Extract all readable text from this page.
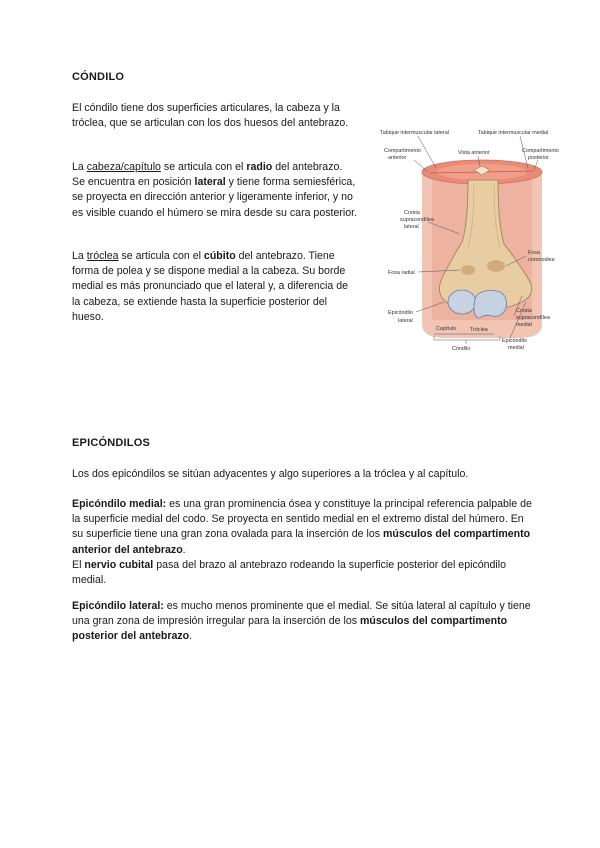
CÓNDILO

El cóndilo tiene dos superficies articulares, la cabeza y la tróclea, que se articulan con los dos huesos del antebrazo.

La cabeza/capítulo se articula con el radio del antebrazo. Se encuentra en posición lateral y tiene forma semiesférica, se proyecta en dirección anterior y ligeramente inferior, y no es visible cuando el húmero se mira desde su cara posterior.

La tróclea se articula con el cúbito del antebrazo. Tiene forma de polea y se dispone medial a la cabeza. Su borde medial es más pronunciado que el lateral y, a diferencia de la cabeza, se extiende hasta la superficie posterior del hueso.

Tabique intermuscular lateral	Tabique intermuscular medial
Compartimento
anterior
Vista anterior	Compartimento
posterior
Cresta
supracondílea
lateral
Fosa radial
Epicóndilo
lateral
Fosa
coronoidea
Cresta
supracondílea
medial
Epicóndilo
medial
Capítulo	Tróclea
Cóndilo
EPICÓNDILOS

Los dos epicóndilos se sitúan adyacentes y algo superiores a la tróclea y al capítulo.

Epicóndilo medial: es una gran prominencia ósea y constituye la principal referencia palpable de la superficie medial del codo. Se proyecta en sentido medial en el extremo distal del húmero. En su superficie tiene una gran zona ovalada para la inserción de los músculos del compartimento anterior del antebrazo.
El nervio cubital pasa del brazo al antebrazo rodeando la superficie posterior del epicóndilo medial.

Epicóndilo lateral: es mucho menos prominente que el medial. Se sitúa lateral al capítulo y tiene una gran zona de impresión irregular para la inserción de los músculos del compartimento posterior del antebrazo.
